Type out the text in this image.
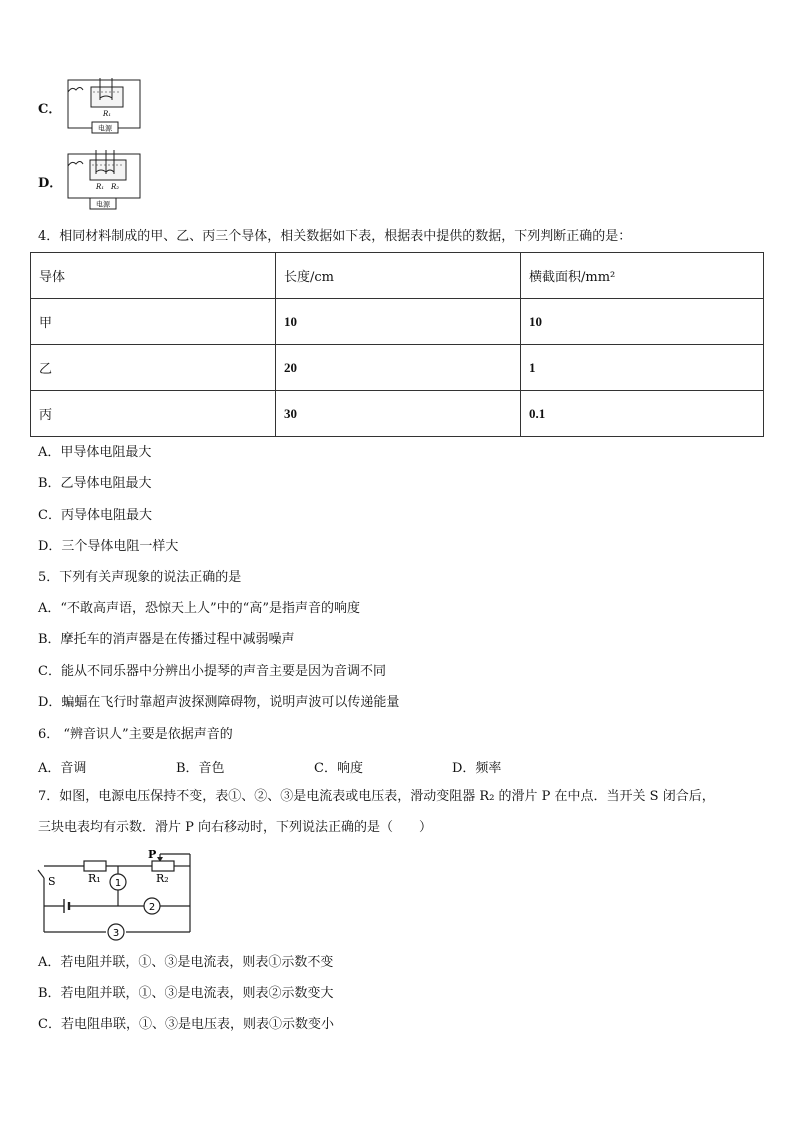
C．	R₁
电源
D．	R₁ R₂
电源
4．相同材料制成的甲、乙、丙三个导体，相关数据如下表，根据表中提供的数据，下列判断正确的是：
导体	长度/cm	横截面积/mm²
甲	10	10
乙	20	1
丙	30	0.1
A．甲导体电阻最大
B．乙导体电阻最大
C．丙导体电阻最大
D．三个导体电阻一样大
5．下列有关声现象的说法正确的是
A．“不敢高声语，恐惊天上人”中的“高”是指声音的响度
B．摩托车的消声器是在传播过程中减弱噪声
C．能从不同乐器中分辨出小提琴的声音主要是因为音调不同
D．蝙蝠在飞行时靠超声波探测障碍物，说明声波可以传递能量
6． “辨音识人”主要是依据声音的
A．音调	B．音色	C．响度	D．频率
7．如图，电源电压保持不变，表①、②、③是电流表或电压表，滑动变阻器 R₂ 的滑片 P 在中点．当开关 S 闭合后，
三块电表均有示数．滑片 P 向右移动时，下列说法正确的是（　　）
S	R₁	R₂
P
1
2
3
A．若电阻并联，①、③是电流表，则表①示数不变
B．若电阻并联，①、③是电流表，则表②示数变大
C．若电阻串联，①、③是电压表，则表①示数变小
